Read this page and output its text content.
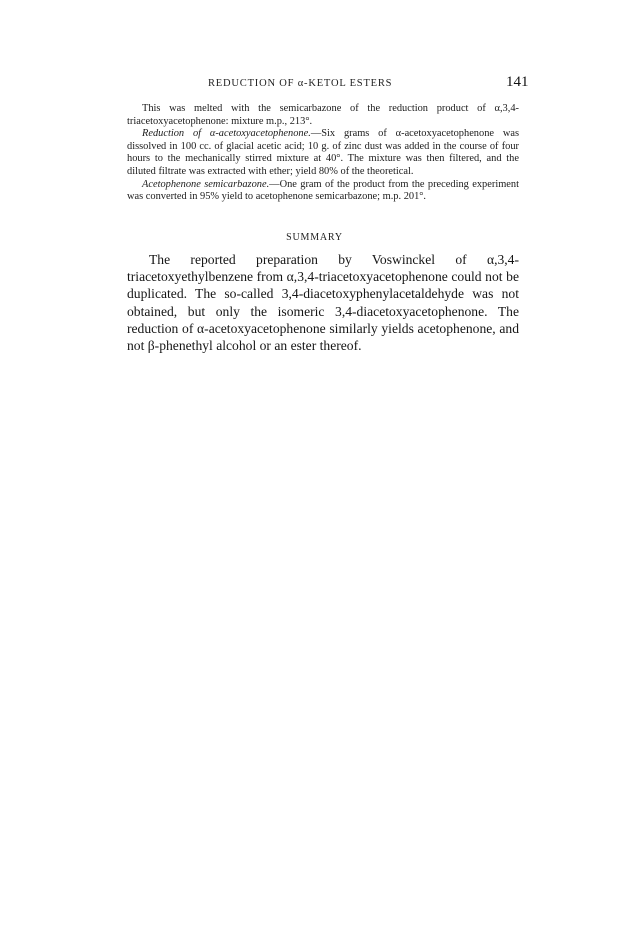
REDUCTION OF α-KETOL ESTERS	141

This was melted with the semicarbazone of the reduction product of α,3,4-triacetoxyacetophenone: mixture m.p., 213°.

Reduction of α-acetoxyacetophenone.—Six grams of α-acetoxyacetophenone was dissolved in 100 cc. of glacial acetic acid; 10 g. of zinc dust was added in the course of four hours to the mechanically stirred mixture at 40°. The mixture was then filtered, and the diluted filtrate was extracted with ether; yield 80% of the theoretical.

Acetophenone semicarbazone.—One gram of the product from the preceding experiment was converted in 95% yield to acetophenone semicarbazone; m.p. 201°.

SUMMARY

The reported preparation by Voswinckel of α,3,4-triacetoxyethylbenzene from α,3,4-triacetoxyacetophenone could not be duplicated. The so-called 3,4-diacetoxyphenylacetaldehyde was not obtained, but only the isomeric 3,4-diacetoxyacetophenone. The reduction of α-acetoxyacetophenone similarly yields acetophenone, and not β-phenethyl alcohol or an ester thereof.
